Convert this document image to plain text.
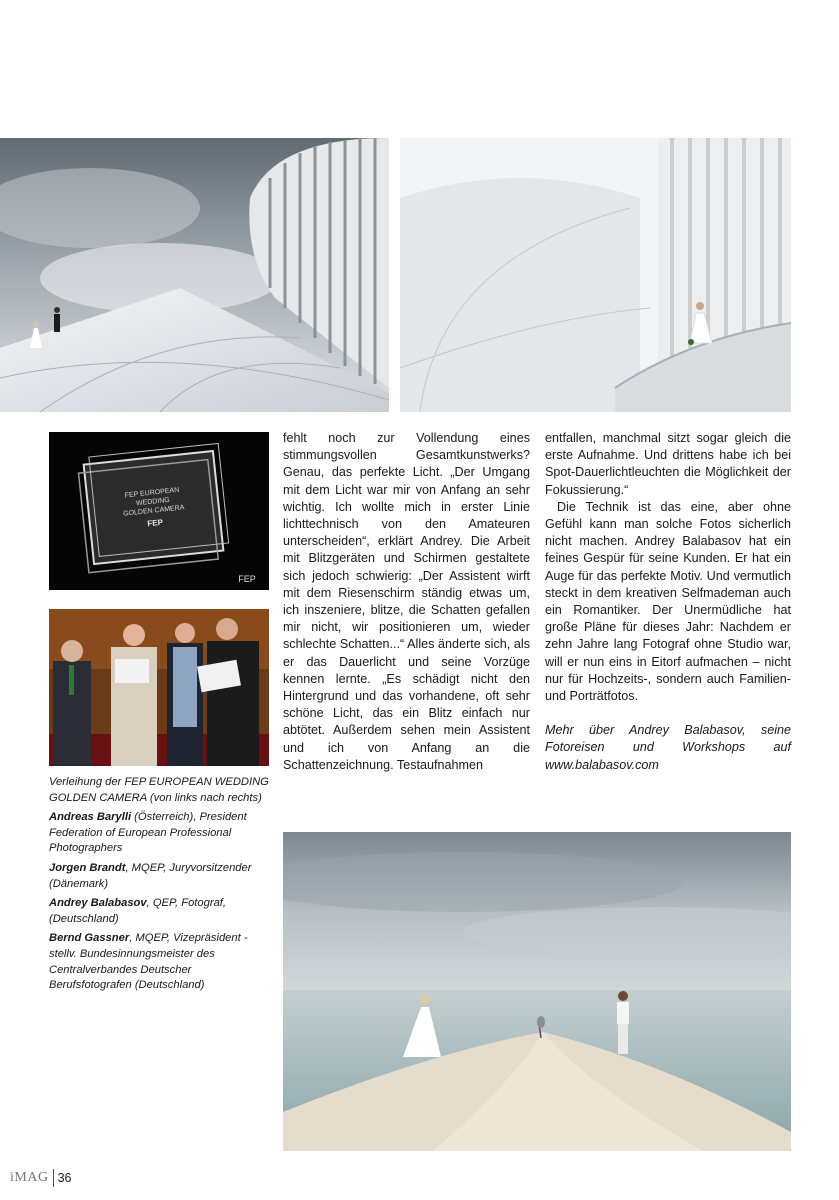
FEP EUROPEAN
WEDDING
GOLDEN CAMERA
FEP
FEP

fehlt noch zur Vollendung eines stimmungsvollen Gesamtkunstwerks? Genau, das perfekte Licht. „Der Umgang mit dem Licht war mir von Anfang an sehr wichtig. Ich wollte mich in erster Linie lichttechnisch von den Amateuren unterscheiden“, erklärt Andrey. Die Arbeit mit Blitzgeräten und Schirmen gestaltete sich jedoch schwierig: „Der Assistent wirft mit dem Riesenschirm ständig etwas um, ich inszeniere, blitze, die Schatten gefallen mir nicht, wir positionieren um, wieder schlechte Schatten...“ Alles änderte sich, als er das Dauerlicht und seine Vorzüge kennen lernte. „Es schädigt nicht den Hintergrund und das vorhandene, oft sehr schöne Licht, das ein Blitz einfach nur abtötet. Außerdem sehen mein Assistent und ich von Anfang an die Schattenzeichnung. Testaufnahmen

entfallen, manchmal sitzt sogar gleich die erste Aufnahme. Und drittens habe ich bei Spot-Dauerlichtleuchten die Möglichkeit der Fokussierung.“

Die Technik ist das eine, aber ohne Gefühl kann man solche Fotos sicherlich nicht machen. Andrey Balabasov hat ein feines Gespür für seine Kunden. Er hat ein Auge für das perfekte Motiv. Und vermutlich steckt in dem kreativen Selfmademan auch ein Romantiker. Der Unermüdliche hat große Pläne für dieses Jahr: Nachdem er zehn Jahre lang Fotograf ohne Studio war, will er nun eins in Eitorf aufmachen – nicht nur für Hochzeits-, sondern auch Familien- und Porträtfotos.

Mehr über Andrey Balabasov, seine Fotoreisen und Workshops auf www.balabasov.com

Verleihung der FEP EUROPEAN WEDDING GOLDEN CAMERA (von links nach rechts)

Andreas Barylli (Österreich), President Federation of European Professional Photographers

Jorgen Brandt, MQEP, Juryvorsitzender (Dänemark)

Andrey Balabasov, QEP, Fotograf, (Deutschland)

Bernd Gassner, MQEP, Vizepräsident - stellv. Bundesinnungsmeister des Centralverbandes Deutscher Berufsfotografen (Deutschland)

iMAG 36
